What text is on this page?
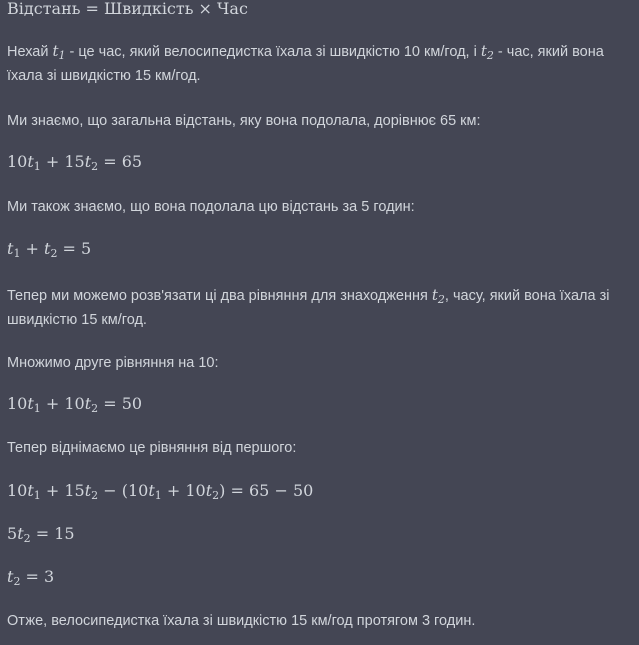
Відстань = Швидкість × Час

Нехай $t_1$ - це час, який велосипедистка їхала зі швидкістю 10 км/год, і $t_2$ - час, який вона

їхала зі швидкістю 15 км/год.

Ми знаємо, що загальна відстань, яку вона подолала, дорівнює 65 км:

$10t_1 + 15t_2 = 65$

Ми також знаємо, що вона подолала цю відстань за 5 годин:

$t_1 + t_2 = 5$

Тепер ми можемо розв'язати ці два рівняння для знаходження $t_2$, часу, який вона їхала зі

швидкістю 15 км/год.

Множимо друге рівняння на 10:

$10t_1 + 10t_2 = 50$

Тепер віднімаємо це рівняння від першого:

$10t_1 + 15t_2 - (10t_1 + 10t_2) = 65 - 50$

$5t_2 = 15$

$t_2 = 3$

Отже, велосипедистка їхала зі швидкістю 15 км/год протягом 3 годин.
